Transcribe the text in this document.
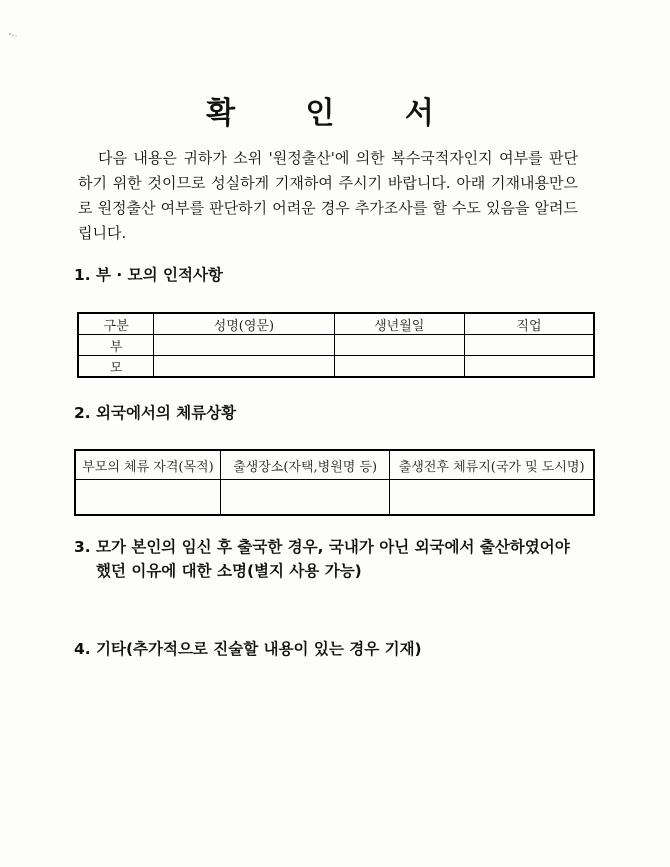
확 인 서
다음 내용은 귀하가 소위 '원정출산'에 의한 복수국적자인지 여부를 판단하기 위한 것이므로 성실하게 기재하여 주시기 바랍니다. 아래 기재내용만으로 원정출산 여부를 판단하기 어려운 경우 추가조사를 할 수도 있음을 알려드립니다.
1. 부 · 모의 인적사항
구분	성명(영문)	생년월일	직업
부			
모			
2. 외국에서의 체류상황
부모의 체류 자격(목적)	출생장소(자택,병원명 등)	출생전후 체류지(국가 및 도시명)

3. 모가 본인의 임신 후 출국한 경우, 국내가 아닌 외국에서 출산하였어야
했던 이유에 대한 소명(별지 사용 가능)
4. 기타(추가적으로 진술할 내용이 있는 경우 기재)
